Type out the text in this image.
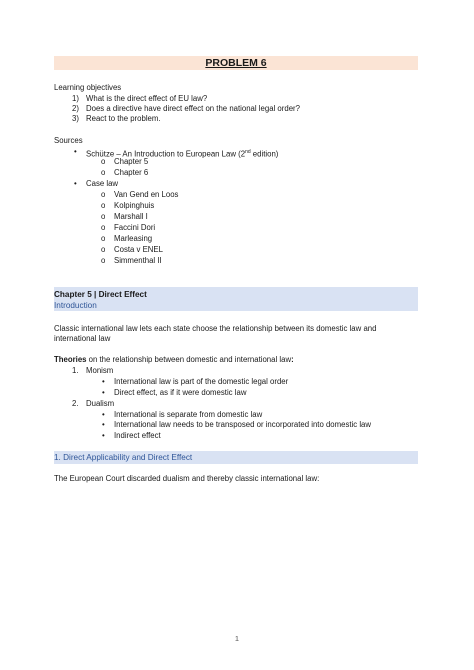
PROBLEM 6
Learning objectives
1) What is the direct effect of EU law?
2) Does a directive have direct effect on the national legal order?
3) React to the problem.
Sources
• Schütze – An Introduction to European Law (2nd edition)
o Chapter 5
o Chapter 6
• Case law
o Van Gend en Loos
o Kolpinghuis
o Marshall I
o Faccini Dori
o Marleasing
o Costa v ENEL
o Simmenthal II
Chapter 5 | Direct Effect
Introduction
Classic international law lets each state choose the relationship between its domestic law and
international law
Theories on the relationship between domestic and international law:
1. Monism
• International law is part of the domestic legal order
• Direct effect, as if it were domestic law
2. Dualism
• International is separate from domestic law
• International law needs to be transposed or incorporated into domestic law
• Indirect effect
1. Direct Applicability and Direct Effect
The European Court discarded dualism and thereby classic international law:
1
